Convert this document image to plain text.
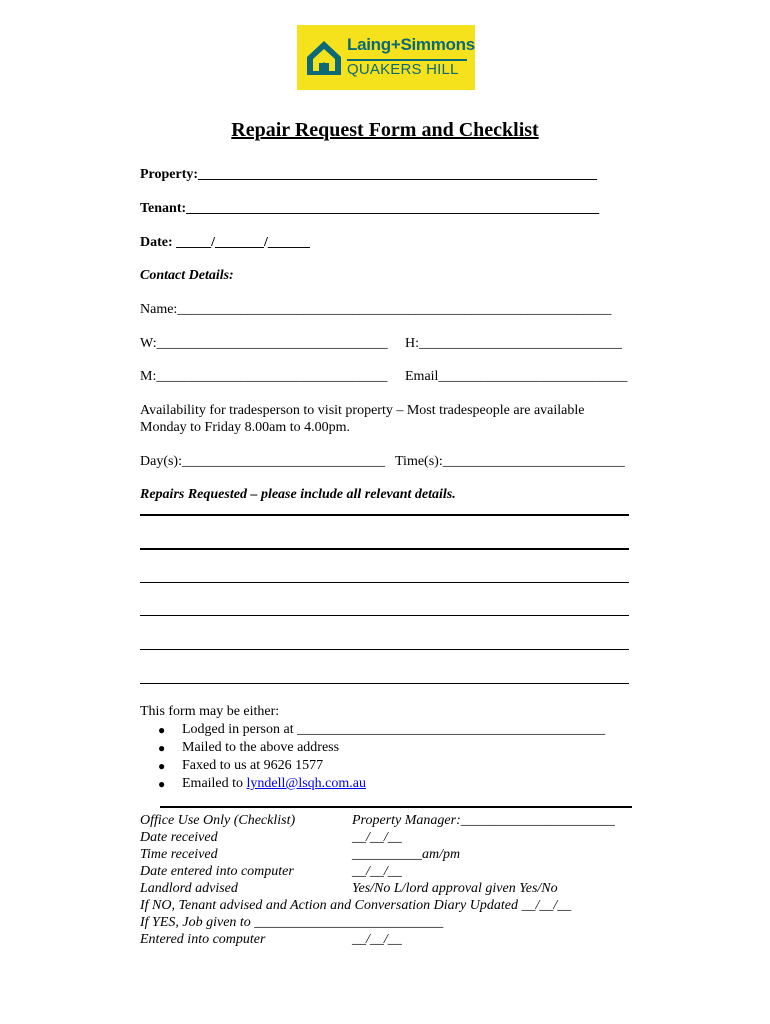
Laing+Simmons
QUAKERS HILL
Repair Request Form and Checklist
Property:_________________________________________________________
Tenant:___________________________________________________________
Date: _____/_______/______
Contact Details:
Name:______________________________________________________________
W:_________________________________ H:_____________________________
M:_________________________________ Email___________________________
Availability for tradesperson to visit property – Most tradespeople are available
Monday to Friday 8.00am to 4.00pm.
Day(s):_____________________________ Time(s):__________________________
Repairs Requested – please include all relevant details.
This form may be either:
● Lodged in person at ____________________________________________
● Mailed to the above address
● Faxed to us at 9626 1577
● Emailed to lyndell@lsqh.com.au
Office Use Only (Checklist)
Date received
Time received
Date entered into computer
Landlord advised
Property Manager:______________________
__/__/__
__________am/pm
__/__/__
Yes/No L/lord approval given Yes/No
If NO, Tenant advised and Action and Conversation Diary Updated __/__/__
If YES, Job given to ___________________________
Entered into computer	__/__/__
